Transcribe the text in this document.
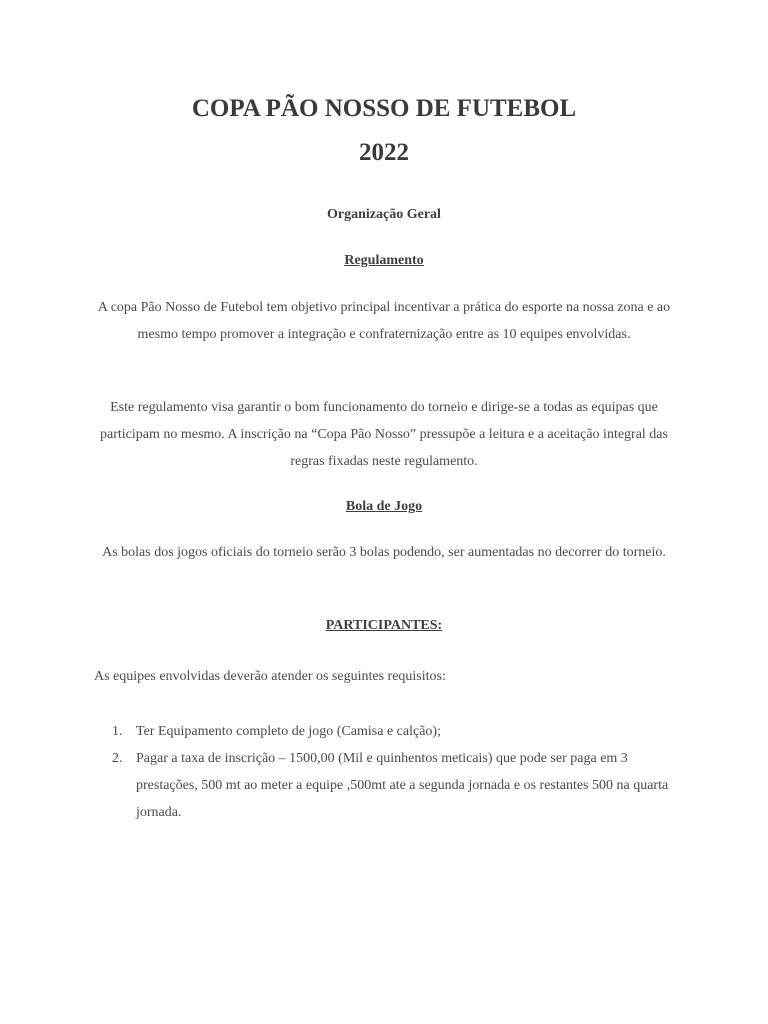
COPA PÃO NOSSO DE FUTEBOL
2022
Organização Geral
Regulamento

A copa Pão Nosso de Futebol tem objetivo principal incentivar a prática do esporte na nossa zona e ao mesmo tempo promover a integração e confraternização entre as 10 equipes envolvidas.

Este regulamento visa garantir o bom funcionamento do torneio e dirige-se a todas as equipas que participam no mesmo. A inscrição na “Copa Pão Nosso” pressupõe a leitura e a aceitação integral das regras fixadas neste regulamento.

Bola de Jogo

As bolas dos jogos oficiais do torneio serão 3 bolas podendo, ser aumentadas no decorrer do torneio.

PARTICIPANTES:

As equipes envolvidas deverão atender os seguintes requisitos:

1. Ter Equipamento completo de jogo (Camisa e calção);
2. Pagar a taxa de inscrição – 1500,00 (Mil e quinhentos meticais) que pode ser paga em 3 prestações, 500 mt ao meter a equipe ,500mt ate a segunda jornada e os restantes 500 na quarta jornada.
